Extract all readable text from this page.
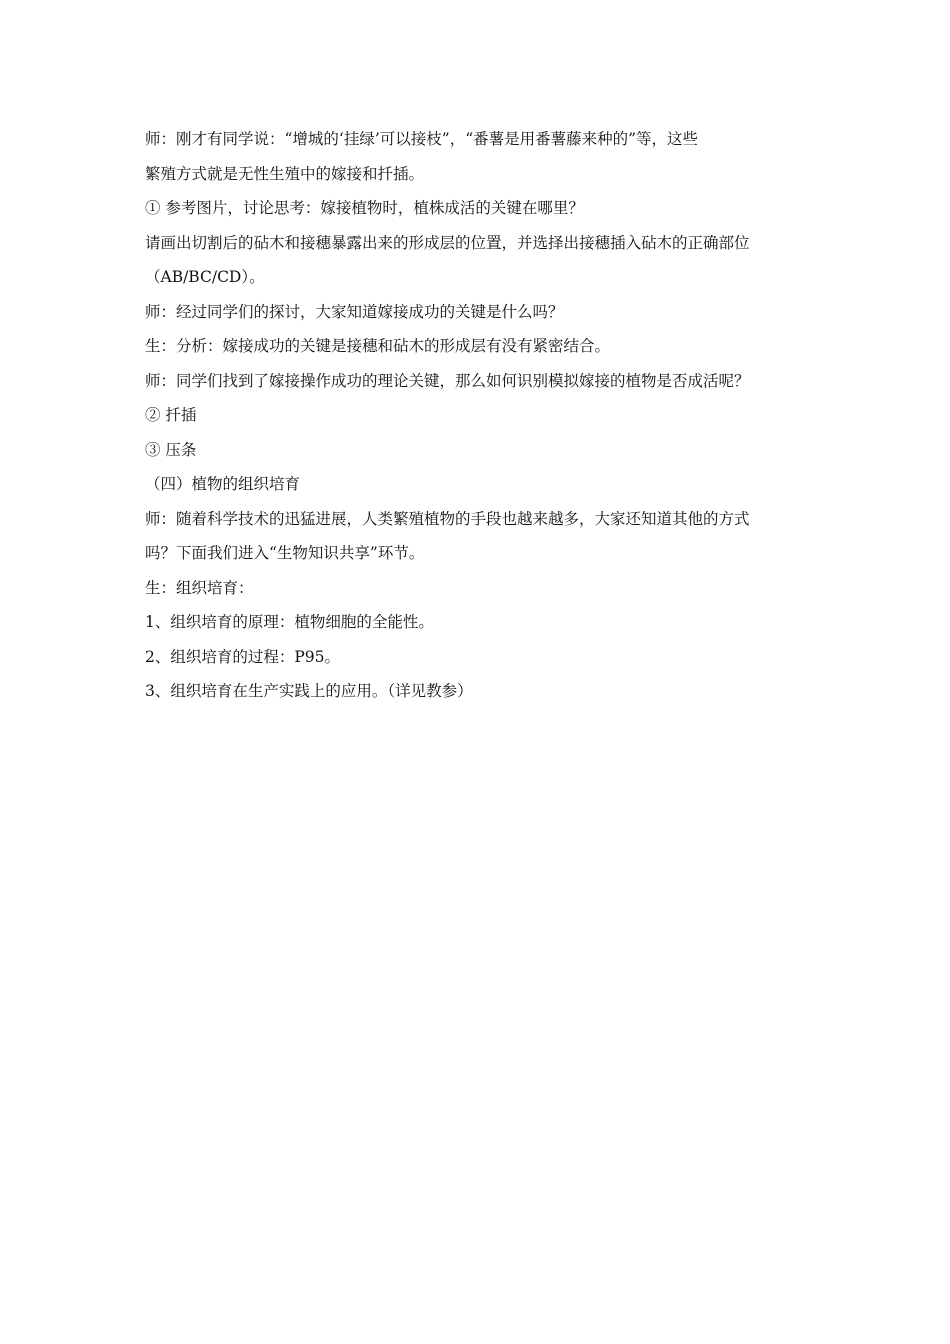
师：刚才有同学说：“增城的‘挂绿’可以接枝”，“番薯是用番薯藤来种的”等，这些

繁殖方式就是无性生殖中的嫁接和扦插。

① 参考图片，讨论思考：嫁接植物时，植株成活的关键在哪里？

请画出切割后的砧木和接穗暴露出来的形成层的位置，并选择出接穗插入砧木的正确部位

（AB/BC/CD）。

师：经过同学们的探讨，大家知道嫁接成功的关键是什么吗？

生：分析：嫁接成功的关键是接穗和砧木的形成层有没有紧密结合。

师：同学们找到了嫁接操作成功的理论关键，那么如何识别模拟嫁接的植物是否成活呢？

② 扦插

③ 压条

（四）植物的组织培育

师：随着科学技术的迅猛进展，人类繁殖植物的手段也越来越多，大家还知道其他的方式

吗？下面我们进入“生物知识共享”环节。

生：组织培育：

1、组织培育的原理：植物细胞的全能性。

2、组织培育的过程：P95。

3、组织培育在生产实践上的应用。（详见教参）
